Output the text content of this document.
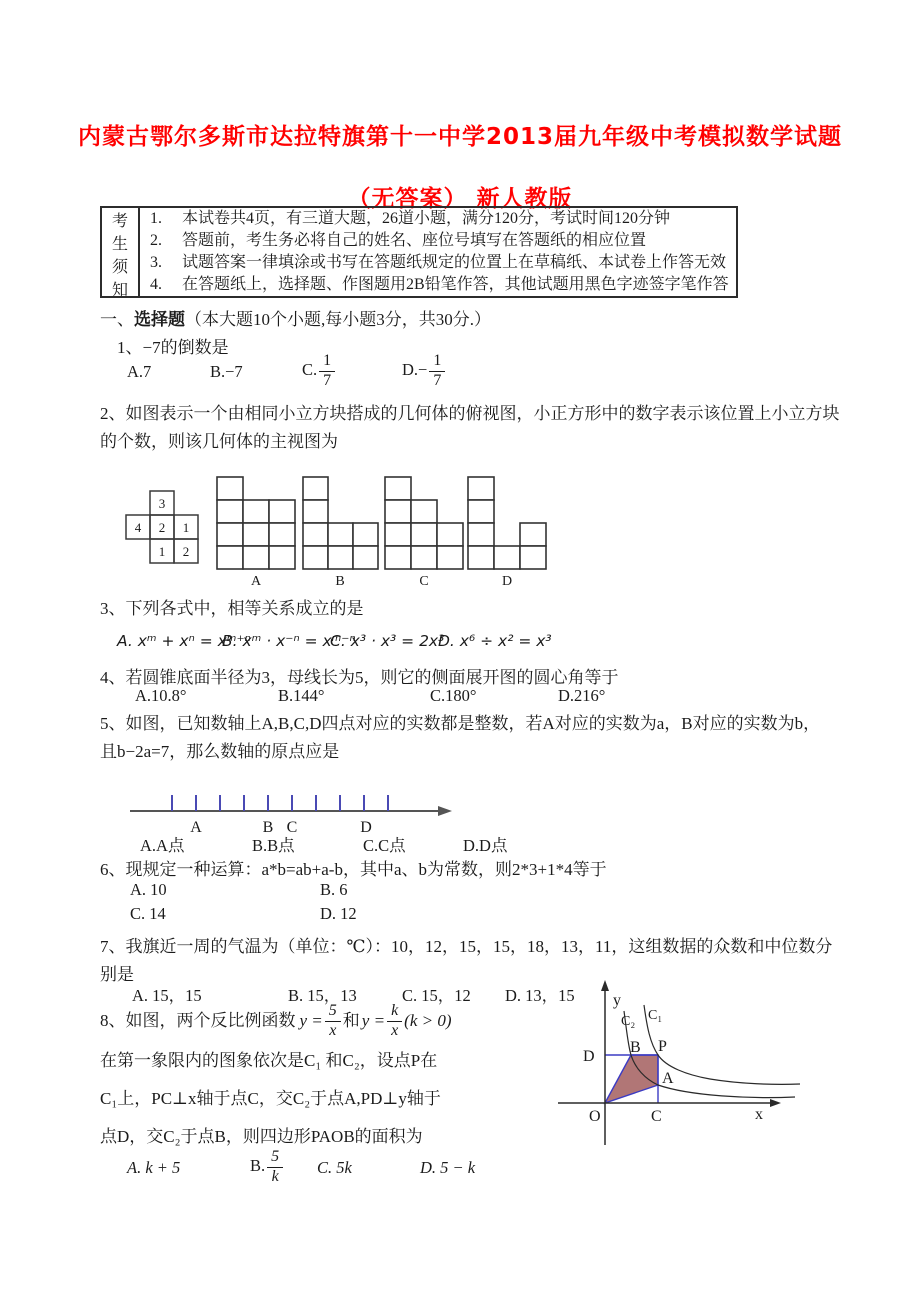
内蒙古鄂尔多斯市达拉特旗第十一中学2013届九年级中考模拟数学试题
（无答案） 新人教版
考
生
须
知
1. 本试卷共4页，有三道大题，26道小题，满分120分，考试时间120分钟
2. 答题前，考生务必将自己的姓名、座位号填写在答题纸的相应位置
3. 试题答案一律填涂或书写在答题纸规定的位置上在草稿纸、本试卷上作答无效
4. 在答题纸上，选择题、作图题用2B铅笔作答，其他试题用黑色字迹签字笔作答
一、选择题（本大题10个小题,每小题3分，共30分.）
1、−7的倒数是
A.7	B.−7	C. $\frac{1}{7}$	$D.- \frac{1}{7}$
2、如图表示一个由相同小立方块搭成的几何体的俯视图，小正方形中的数字表示该位置上小立方块
的个数，则该几何体的主视图为
3
4 2 1
1 2
A	B	C	D
3、下列各式中，相等关系成立的是
A. xᵐ + xⁿ = xᵐ⁺ⁿ
B. xᵐ · x⁻ⁿ = xᵐ⁻ⁿ
C. x³ · x³ = 2x³
D. x⁶ ÷ x² = x³
4、若圆锥底面半径为3，母线长为5，则它的侧面展开图的圆心角等于
A.10.8°	B.144°	C.180°	D.216°
5、如图，已知数轴上A,B,C,D四点对应的实数都是整数，若A对应的实数为a，B对应的实数为b，
且b−2a=7，那么数轴的原点应是
A	B C	D
A.A点	B.B点	C.C点	D.D点
6、现规定一种运算：a*b=ab+a-b，其中a、b为常数，则2*3+1*4等于
A. 10	B. 6
C. 14	D. 12
7、我旗近一周的气温为（单位：℃）：10，12，15，15，18，13，11，这组数据的众数和中位数分
别是
A. 15，15	B. 15，13	C. 15，12 D. 13，15
8、如图，两个反比例函数 $y = \frac{5}{x}$ 和 $y = \frac{k}{x} (k > 0)$
在第一象限内的图象依次是C₁ 和C₂，设点P在
C₁上，PC⊥x轴于点C，交C₂于点A,PD⊥y轴于
点D，交C₂于点B，则四边形PAOB的面积为
A. k + 5	B. $\frac{5}{k} C$. 5k	D. 5 − k
y
x
O
D
B P
A
C
C₂ C₁
